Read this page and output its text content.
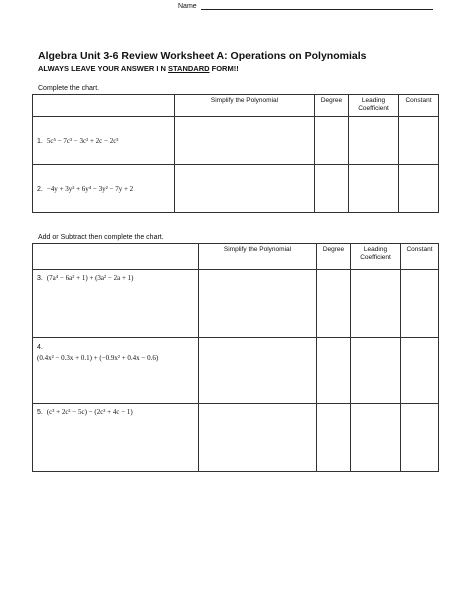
Name
Algebra Unit 3-6 Review Worksheet A: Operations on Polynomials
ALWAYS LEAVE YOUR ANSWER I N STANDARD FORM!!
Complete the chart.
	Simplify the Polynomial	Degree	Leading Coefficient	Constant
1. 5c⁵ − 7c³ − 3c² + 2c − 2c³				
2. −4y + 3y² + 6y⁴ − 3y² − 7y + 2				
Add or Subtract then complete the chart.
	Simplify the Polynomial	Degree	Leading Coefficient	Constant
3. (7a⁴ − 6a² + 1) + (3a² − 2a + 1)				

4.
(0.4x² − 0.3x + 0.1) + (−0.9x² + 0.4x − 0.6)				

5. (c³ + 2c² − 5c) − (2c³ + 4c − 1)				
